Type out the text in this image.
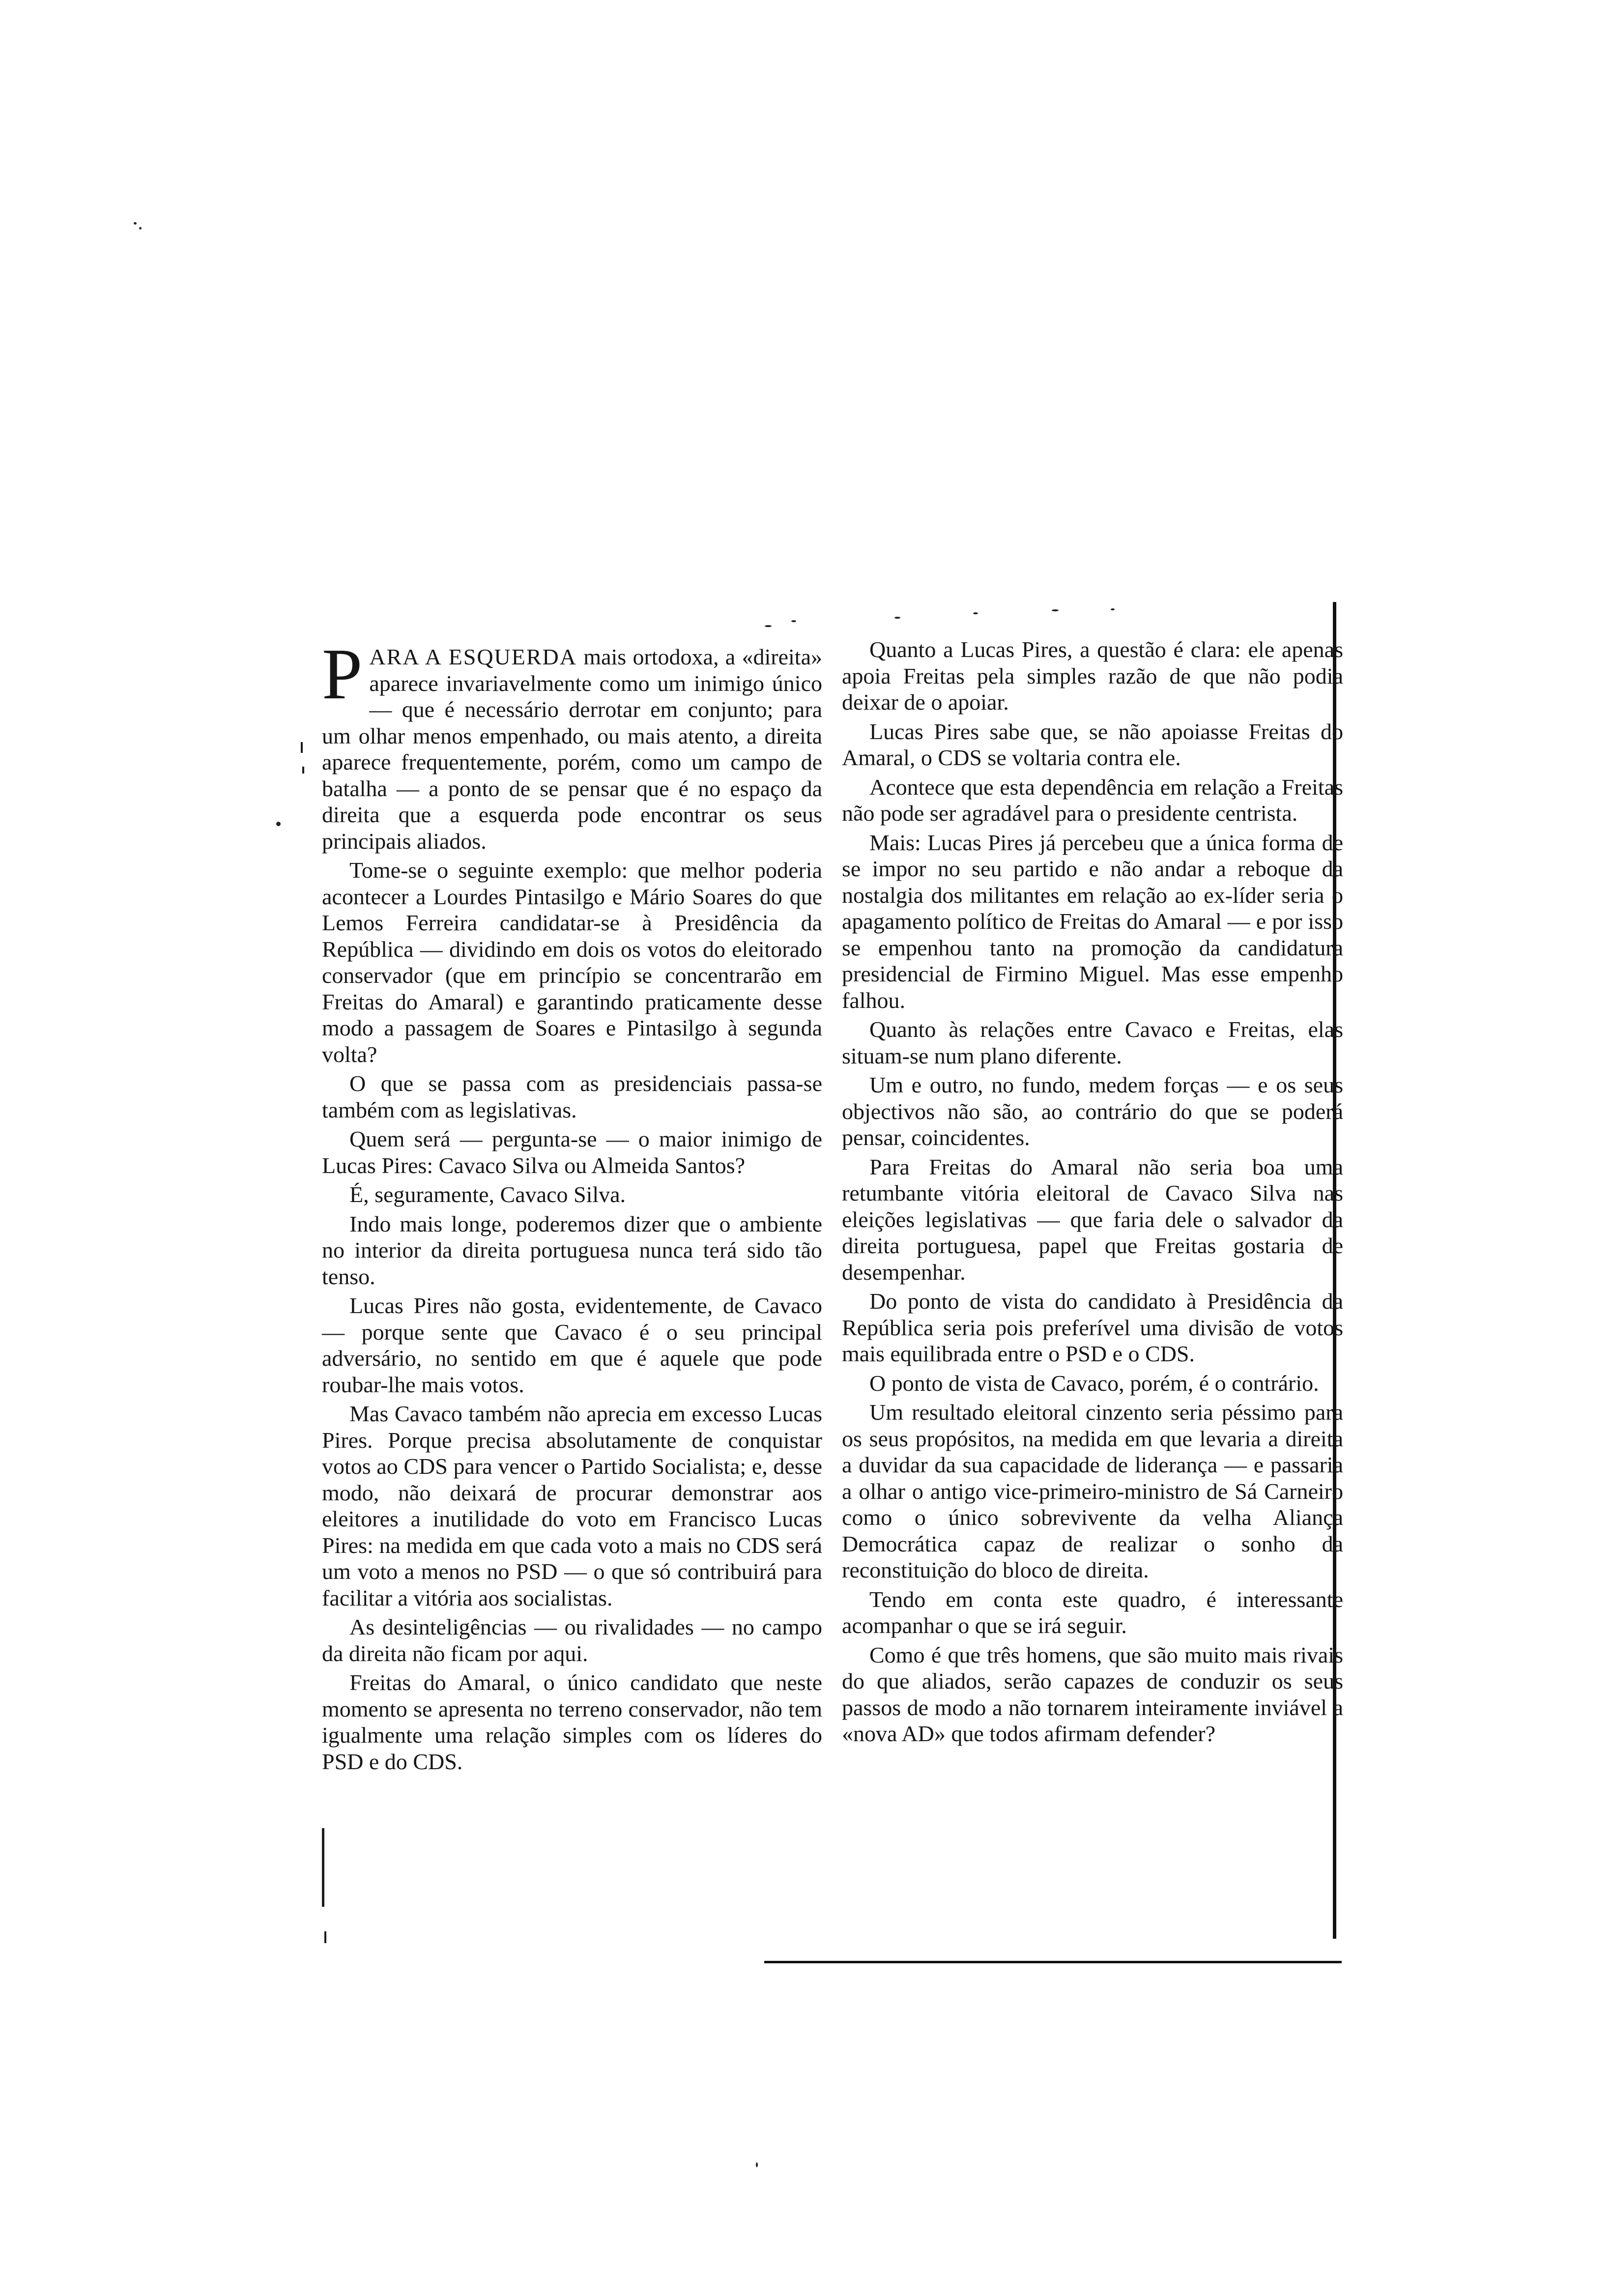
PARA A ESQUERDA mais ortodoxa, a «direita» aparece invariavelmente como um inimigo único — que é necessário derrotar em conjunto; para um olhar menos empenhado, ou mais atento, a direita aparece frequentemente, porém, como um campo de batalha — a ponto de se pensar que é no espaço da direita que a esquerda pode encontrar os seus principais aliados.

Tome-se o seguinte exemplo: que melhor poderia acontecer a Lourdes Pintasilgo e Mário Soares do que Lemos Ferreira candidatar-se à Presidência da República — dividindo em dois os votos do eleitorado conservador (que em princípio se concentrarão em Freitas do Amaral) e garantindo praticamente desse modo a passagem de Soares e Pintasilgo à segunda volta?

O que se passa com as presidenciais passa-se também com as legislativas.

Quem será — pergunta-se — o maior inimigo de Lucas Pires: Cavaco Silva ou Almeida Santos?

É, seguramente, Cavaco Silva.

Indo mais longe, poderemos dizer que o ambiente no interior da direita portuguesa nunca terá sido tão tenso.

Lucas Pires não gosta, evidentemente, de Cavaco — porque sente que Cavaco é o seu principal adversário, no sentido em que é aquele que pode roubar-lhe mais votos.

Mas Cavaco também não aprecia em excesso Lucas Pires. Porque precisa absolutamente de conquistar votos ao CDS para vencer o Partido Socialista; e, desse modo, não deixará de procurar demonstrar aos eleitores a inutilidade do voto em Francisco Lucas Pires: na medida em que cada voto a mais no CDS será um voto a menos no PSD — o que só contribuirá para facilitar a vitória aos socialistas.

As desinteligências — ou rivalidades — no campo da direita não ficam por aqui.

Freitas do Amaral, o único candidato que neste momento se apresenta no terreno conservador, não tem igualmente uma relação simples com os líderes do PSD e do CDS.

Quanto a Lucas Pires, a questão é clara: ele apenas apoia Freitas pela simples razão de que não podia deixar de o apoiar.

Lucas Pires sabe que, se não apoiasse Freitas do Amaral, o CDS se voltaria contra ele.

Acontece que esta dependência em relação a Freitas não pode ser agradável para o presidente centrista.

Mais: Lucas Pires já percebeu que a única forma de se impor no seu partido e não andar a reboque da nostalgia dos militantes em relação ao ex-líder seria o apagamento político de Freitas do Amaral — e por isso se empenhou tanto na promoção da candidatura presidencial de Firmino Miguel. Mas esse empenho falhou.

Quanto às relações entre Cavaco e Freitas, elas situam-se num plano diferente.

Um e outro, no fundo, medem forças — e os seus objectivos não são, ao contrário do que se poderá pensar, coincidentes.

Para Freitas do Amaral não seria boa uma retumbante vitória eleitoral de Cavaco Silva nas eleições legislativas — que faria dele o salvador da direita portuguesa, papel que Freitas gostaria de desempenhar.

Do ponto de vista do candidato à Presidência da República seria pois preferível uma divisão de votos mais equilibrada entre o PSD e o CDS.

O ponto de vista de Cavaco, porém, é o contrário.

Um resultado eleitoral cinzento seria péssimo para os seus propósitos, na medida em que levaria a direita a duvidar da sua capacidade de liderança — e passaria a olhar o antigo vice-primeiro-ministro de Sá Carneiro como o único sobrevivente da velha Aliança Democrática capaz de realizar o sonho da reconstituição do bloco de direita.

Tendo em conta este quadro, é interessante acompanhar o que se irá seguir.

Como é que três homens, que são muito mais rivais do que aliados, serão capazes de conduzir os seus passos de modo a não tornarem inteiramente inviável a «nova AD» que todos afirmam defender?
